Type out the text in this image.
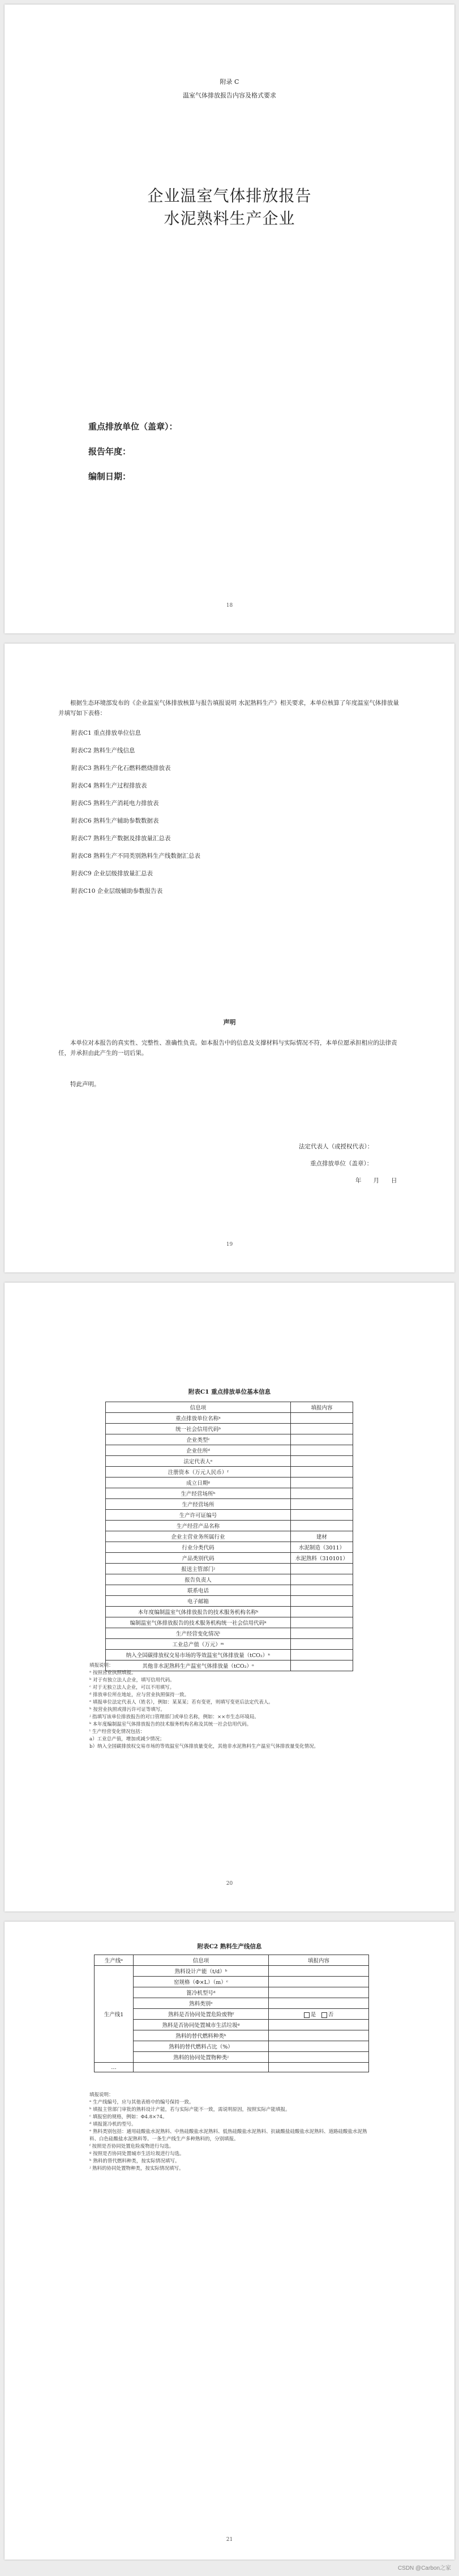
附录 C
温室气体排放报告内容及格式要求
企业温室气体排放报告
水泥熟料生产企业
重点排放单位（盖章）：
报告年度：
编制日期：
18

根据生态环境部发布的《企业温室气体排放核算与报告填报说明 水泥熟料生产》相关要求，本单位核算了年度温室气体排放量并填写如下表格：

附表C1 重点排放单位信息
附表C2 熟料生产线信息
附表C3 熟料生产化石燃料燃烧排放表
附表C4 熟料生产过程排放表
附表C5 熟料生产消耗电力排放表
附表C6 熟料生产辅助参数数据表
附表C7 熟料生产数据及排放量汇总表
附表C8 熟料生产不同类别熟料生产线数据汇总表
附表C9 企业层级排放量汇总表
附表C10 企业层级辅助参数报告表
声明

本单位对本报告的真实性、完整性、准确性负责。如本报告中的信息及支撑材料与实际情况不符，本单位愿承担相应的法律责任，并承担由此产生的一切后果。

特此声明。
法定代表人（或授权代表）：
重点排放单位（盖章）：
年　　月　　日
19
附表C1 重点排放单位基本信息
信息项	填报内容
重点排放单位名称ᵃ	
统一社会信用代码ᵇ	
企业类型ᶜ	
企业住所ᵈ	
法定代表人ᵉ	
注册资本（万元人民币）ᶠ	
成立日期ᵍ	
生产经营场所ʰ	
生产经营场所	
生产许可证编号	
生产经营产品名称	
企业主营业务所属行业	建材
行业分类代码	水泥制造（3011）
产品类别代码	水泥熟料（310101）
报送主管部门ʲ	
报告负责人	
联系电话	
电子邮箱	
本年度编制温室气体排放报告的技术服务机构名称ᵏ	
编制温室气体排放报告的技术服务机构统一社会信用代码ᵏ	
生产经营变化情况ˡ	
工业总产值（万元）ᵐ	
纳入全国碳排放权交易市场的等效温室气体排放量（tCO₂）ⁿ	
其他非水泥熟料生产温室气体排放量（tCO₂）ᵒ	

填报说明：

ᵃ 按照营业执照填报。

ᵇ 对于有独立法人企业，填写信用代码。

ᶜ 对于无独立法人企业，可以不用填写。

ᵈ 排放单位所在地址，应与营业执照保持一致。

ᵉ 填报单位法定代表人（姓名），例如：某某某；若有变更，则填写变更后法定代表人。

ʰ 按营业执照或排污许可证等填写。

ʲ 指填写该单位排放报告的对口管理部门或单位名称，例如：××市生态环境局。

ᵏ 本年度编制温室气体排放报告的技术服务机构名称及其统一社会信用代码。

ˡ 生产经营变化情况包括：

a）工业总产值，增加或减少情况；

b）纳入全国碳排放权交易市场的等效温室气体排放量变化，其他非水泥熟料生产温室气体排放量变化情况。

20
附表C2 熟料生产线信息
生产线ᵃ	信息项	填报内容
生产线1	熟料设计产能（t/d）ᵇ	
	窑规格（Φ×L）（m）ᶜ	
	篦冷机型号ᵈ	
	熟料类别ᵉ	
	熟料是否协同处置危险废物ᶠ	是　 否
	熟料是否协同处置城市生活垃圾ᵍ	
	熟料的替代燃料种类ʰ	
	熟料的替代燃料占比（%）	
	熟料的协同处置物种类ʲ	
…		

填报说明：

ᵃ 生产线编号，应与其他表格中的编号保持一致。

ᵇ 填报主管部门审批的熟料设计产能，若与实际产能不一致，需说明原因，按照实际产能填报。

ᶜ 填报窑的规格，例如：Φ4.8×74。

ᵈ 填报篦冷机的型号。

ᵉ 熟料类别包括：通用硅酸盐水泥熟料、中热硅酸盐水泥熟料、低热硅酸盐水泥熟料、抗硫酸盐硅酸盐水泥熟料、道路硅酸盐水泥熟料、白色硅酸盐水泥熟料等。一条生产线生产多种熟料的，分别填报。

ᶠ 按照是否协同处置危险废物进行勾选。

ᵍ 按照是否协同处置城市生活垃圾进行勾选。

ʰ 熟料的替代燃料种类，按实际情况填写。

ʲ 熟料的协同处置物种类，按实际情况填写。

21
CSDN @Carbon之家
